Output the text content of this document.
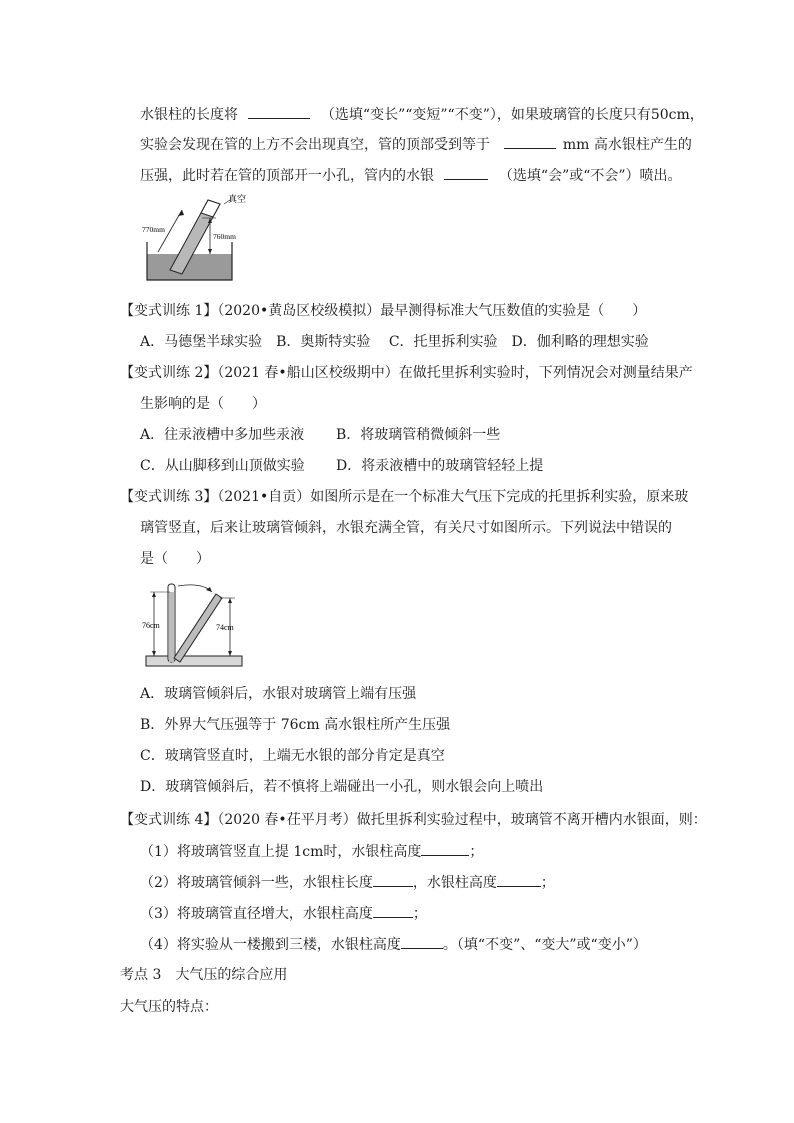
水银柱的长度将	（选填“变长”“变短”“不变”），如果玻璃管的长度只有50cm，
实验会发现在管的上方不会出现真空，管的顶部受到等于	mm 高水银柱产生的
压强，此时若在管的顶部开一小孔，管内的水银	（选填“会”或“不会”）喷出。
真空
770mm
760mm
【变式训练 1】（2020•黄岛区校级模拟）最早测得标准大气压数值的实验是（　　）
A．马德堡半球实验　B．奥斯特实验　 C．托里拆利实验　D．伽利略的理想实验
【变式训练 2】（2021 春•船山区校级期中）在做托里拆利实验时，下列情况会对测量结果产
生影响的是（　　）
A．往汞液槽中多加些汞液 B．将玻璃管稍微倾斜一些
C．从山脚移到山顶做实验 D．将汞液槽中的玻璃管轻轻上提
【变式训练 3】（2021•自贡）如图所示是在一个标准大气压下完成的托里拆利实验，原来玻
璃管竖直，后来让玻璃管倾斜，水银充满全管，有关尺寸如图所示。下列说法中错误的
是（　　）
76cm	74cm
A．玻璃管倾斜后，水银对玻璃管上端有压强
B．外界大气压强等于 76cm 高水银柱所产生压强
C．玻璃管竖直时，上端无水银的部分肯定是真空
D．玻璃管倾斜后，若不慎将上端碰出一小孔，则水银会向上喷出
【变式训练 4】（2020 春•茌平月考）做托里拆利实验过程中，玻璃管不离开槽内水银面，则：
（1）将玻璃管竖直上提 1cm时，水银柱高度	；
（2）将玻璃管倾斜一些，水银柱长度	，水银柱高度	；
（3）将玻璃管直径增大，水银柱高度	；
（4）将实验从一楼搬到三楼，水银柱高度	。（填“不变”、“变大”或“变小”）
考点 3　大气压的综合应用
大气压的特点：
